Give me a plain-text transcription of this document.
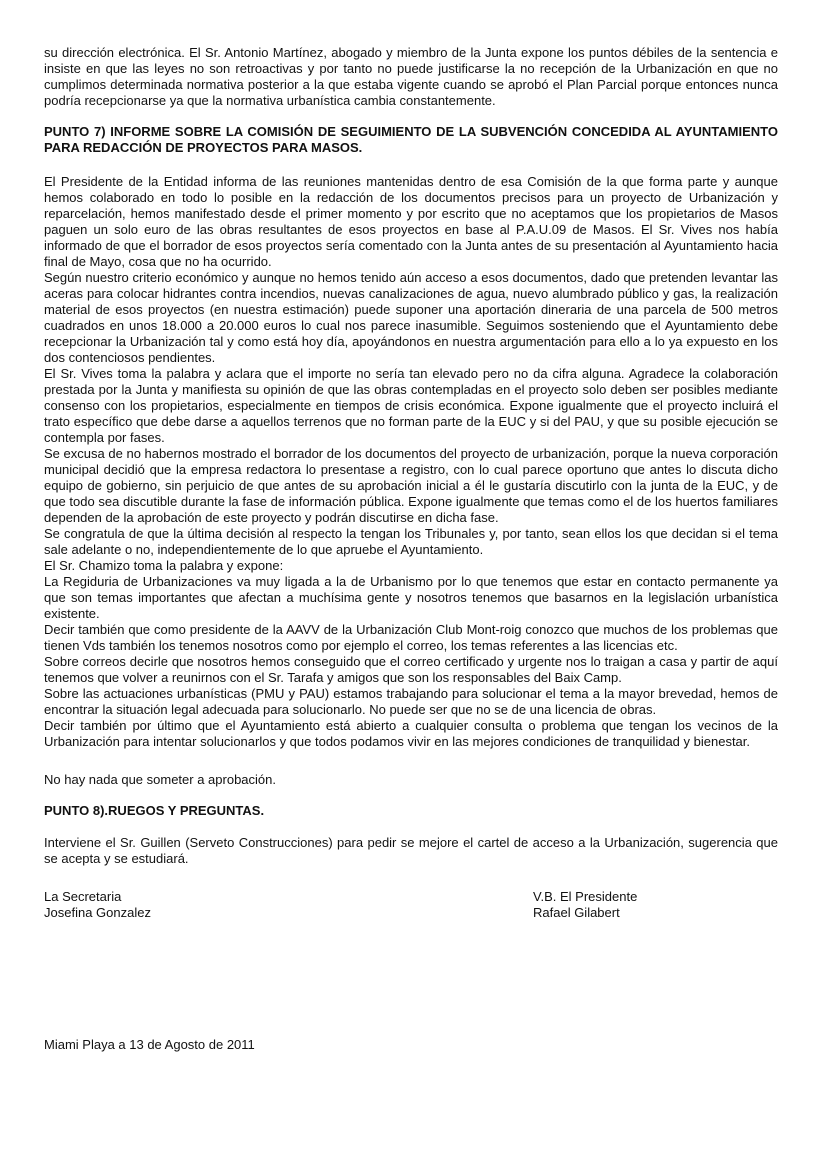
su dirección electrónica. El Sr. Antonio Martínez, abogado y miembro de la Junta expone los puntos débiles de la sentencia e insiste en que las leyes no son retroactivas y por tanto no puede justificarse la no recepción de la Urbanización en que no cumplimos determinada normativa posterior a la que estaba vigente cuando se aprobó el Plan Parcial porque entonces nunca podría recepcionarse ya que la normativa urbanística cambia constantemente.

PUNTO 7) INFORME SOBRE LA COMISIÓN DE SEGUIMIENTO DE LA SUBVENCIÓN CONCEDIDA AL AYUNTAMIENTO PARA REDACCIÓN DE PROYECTOS PARA MASOS.

El Presidente de la Entidad informa de las reuniones mantenidas dentro de esa Comisión de la que forma parte y aunque hemos colaborado en todo lo posible en la redacción de los documentos precisos para un proyecto de Urbanización y reparcelación, hemos manifestado desde el primer momento y por escrito que no aceptamos que los propietarios de Masos paguen un solo euro de las obras resultantes de esos proyectos en base al P.A.U.09 de Masos. El Sr. Vives nos había informado de que el borrador de esos proyectos sería comentado con la Junta antes de su presentación al Ayuntamiento hacia final de Mayo, cosa que no ha ocurrido.

Según nuestro criterio económico y aunque no hemos tenido aún acceso a esos documentos, dado que pretenden levantar las aceras para colocar hidrantes contra incendios, nuevas canalizaciones de agua, nuevo alumbrado público y gas, la realización material de esos proyectos (en nuestra estimación) puede suponer una aportación dineraria de una parcela de 500 metros cuadrados en unos 18.000 a 20.000 euros lo cual nos parece inasumible. Seguimos sosteniendo que el Ayuntamiento debe recepcionar la Urbanización tal y como está hoy día, apoyándonos en nuestra argumentación para ello a lo ya expuesto en los dos contenciosos pendientes.

El Sr. Vives toma la palabra y aclara que el importe no sería tan elevado pero no da cifra alguna. Agradece la colaboración prestada por la Junta y manifiesta su opinión de que las obras contempladas en el proyecto solo deben ser posibles mediante consenso con los propietarios, especialmente en tiempos de crisis económica. Expone igualmente que el proyecto incluirá el trato específico que debe darse a aquellos terrenos que no forman parte de la EUC y si del PAU, y que su posible ejecución se contempla por fases.

Se excusa de no habernos mostrado el borrador de los documentos del proyecto de urbanización, porque la nueva corporación municipal decidió que la empresa redactora lo presentase a registro, con lo cual parece oportuno que antes lo discuta dicho equipo de gobierno, sin perjuicio de que antes de su aprobación inicial a él le gustaría discutirlo con la junta de la EUC, y de que todo sea discutible durante la fase de información pública. Expone igualmente que temas como el de los huertos familiares dependen de la aprobación de este proyecto y podrán discutirse en dicha fase.

Se congratula de que la última decisión al respecto la tengan los Tribunales y, por tanto, sean ellos los que decidan si el tema sale adelante o no, independientemente de lo que apruebe el Ayuntamiento.

El Sr. Chamizo toma la palabra y expone:

La Regiduria de Urbanizaciones va muy ligada a la de Urbanismo por lo que tenemos que estar en contacto permanente ya que son temas importantes que afectan a muchísima gente y nosotros tenemos que basarnos en la legislación urbanística existente.

Decir también que como presidente de la AAVV de la Urbanización Club Mont-roig conozco que muchos de los problemas que tienen Vds también los tenemos nosotros como por ejemplo el correo, los temas referentes a las licencias etc.

Sobre correos decirle que nosotros hemos conseguido que el correo certificado y urgente nos lo traigan a casa y partir de aquí tenemos que volver a reunirnos con el Sr. Tarafa y amigos que son los responsables del Baix Camp.

Sobre las actuaciones urbanísticas (PMU y PAU) estamos trabajando para solucionar el tema a la mayor brevedad, hemos de encontrar la situación legal adecuada para solucionarlo. No puede ser que no se de una licencia de obras.

Decir también por último que el Ayuntamiento está abierto a cualquier consulta o problema que tengan los vecinos de la Urbanización para intentar solucionarlos y que todos podamos vivir en las mejores condiciones de tranquilidad y bienestar.

No hay nada que someter a aprobación.

PUNTO 8).RUEGOS Y PREGUNTAS.

Interviene el Sr. Guillen (Serveto Construcciones) para pedir se mejore el cartel de acceso a la Urbanización, sugerencia que se acepta y se estudiará.

La Secretaria
Josefina Gonzalez
V.B. El Presidente
Rafael Gilabert

Miami Playa a 13 de Agosto de 2011
